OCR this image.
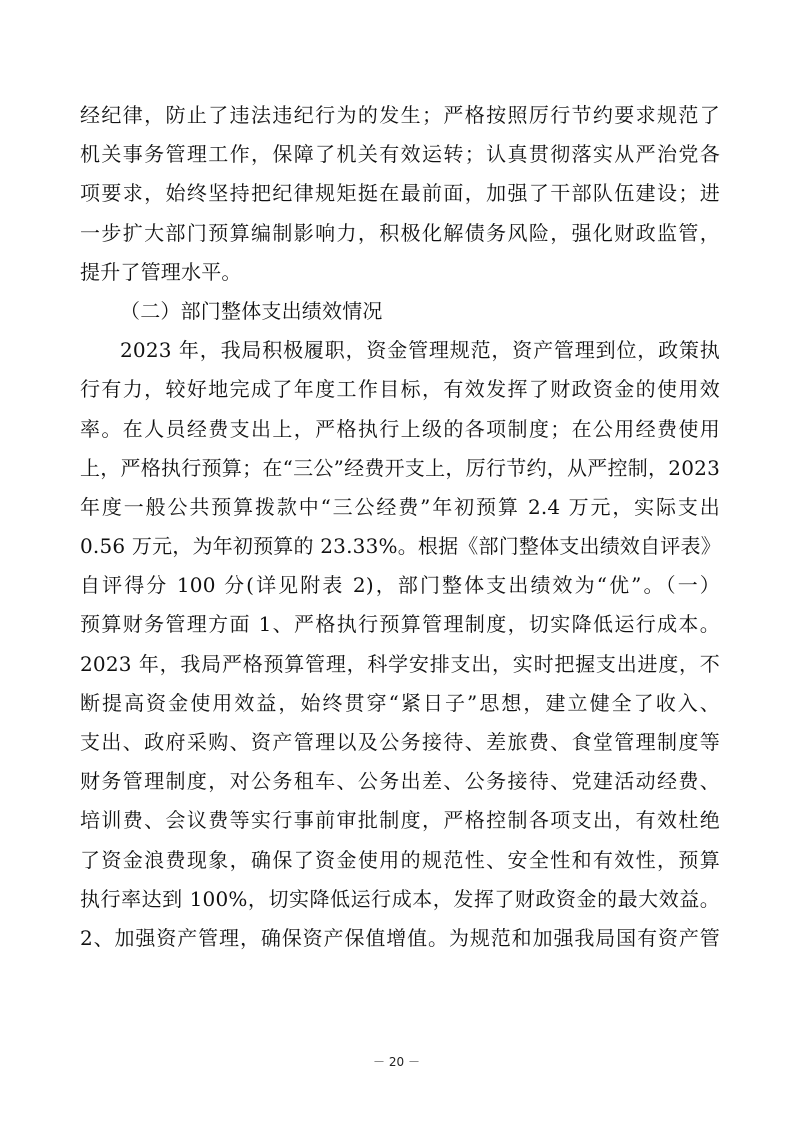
经纪律，防止了违法违纪行为的发生；严格按照厉行节约要求规范了
机关事务管理工作，保障了机关有效运转；认真贯彻落实从严治党各
项要求，始终坚持把纪律规矩挺在最前面，加强了干部队伍建设；进
一步扩大部门预算编制影响力，积极化解债务风险，强化财政监管，
提升了管理水平。
（二）部门整体支出绩效情况
2023 年，我局积极履职，资金管理规范，资产管理到位，政策执
行有力，较好地完成了年度工作目标，有效发挥了财政资金的使用效
率。在人员经费支出上，严格执行上级的各项制度；在公用经费使用
上，严格执行预算；在“三公”经费开支上，厉行节约，从严控制，2023
年度一般公共预算拨款中“三公经费”年初预算 2.4 万元，实际支出
0.56 万元，为年初预算的 23.33%。根据《部门整体支出绩效自评表》
自评得分 100 分(详见附表 2)，部门整体支出绩效为“优”。（一）
预算财务管理方面 1、严格执行预算管理制度，切实降低运行成本。
2023 年，我局严格预算管理，科学安排支出，实时把握支出进度，不
断提高资金使用效益，始终贯穿“紧日子”思想，建立健全了收入、
支出、政府采购、资产管理以及公务接待、差旅费、食堂管理制度等
财务管理制度，对公务租车、公务出差、公务接待、党建活动经费、
培训费、会议费等实行事前审批制度，严格控制各项支出，有效杜绝
了资金浪费现象，确保了资金使用的规范性、安全性和有效性，预算
执行率达到 100%，切实降低运行成本，发挥了财政资金的最大效益。
2、加强资产管理，确保资产保值增值。为规范和加强我局国有资产管
－ 20 －
